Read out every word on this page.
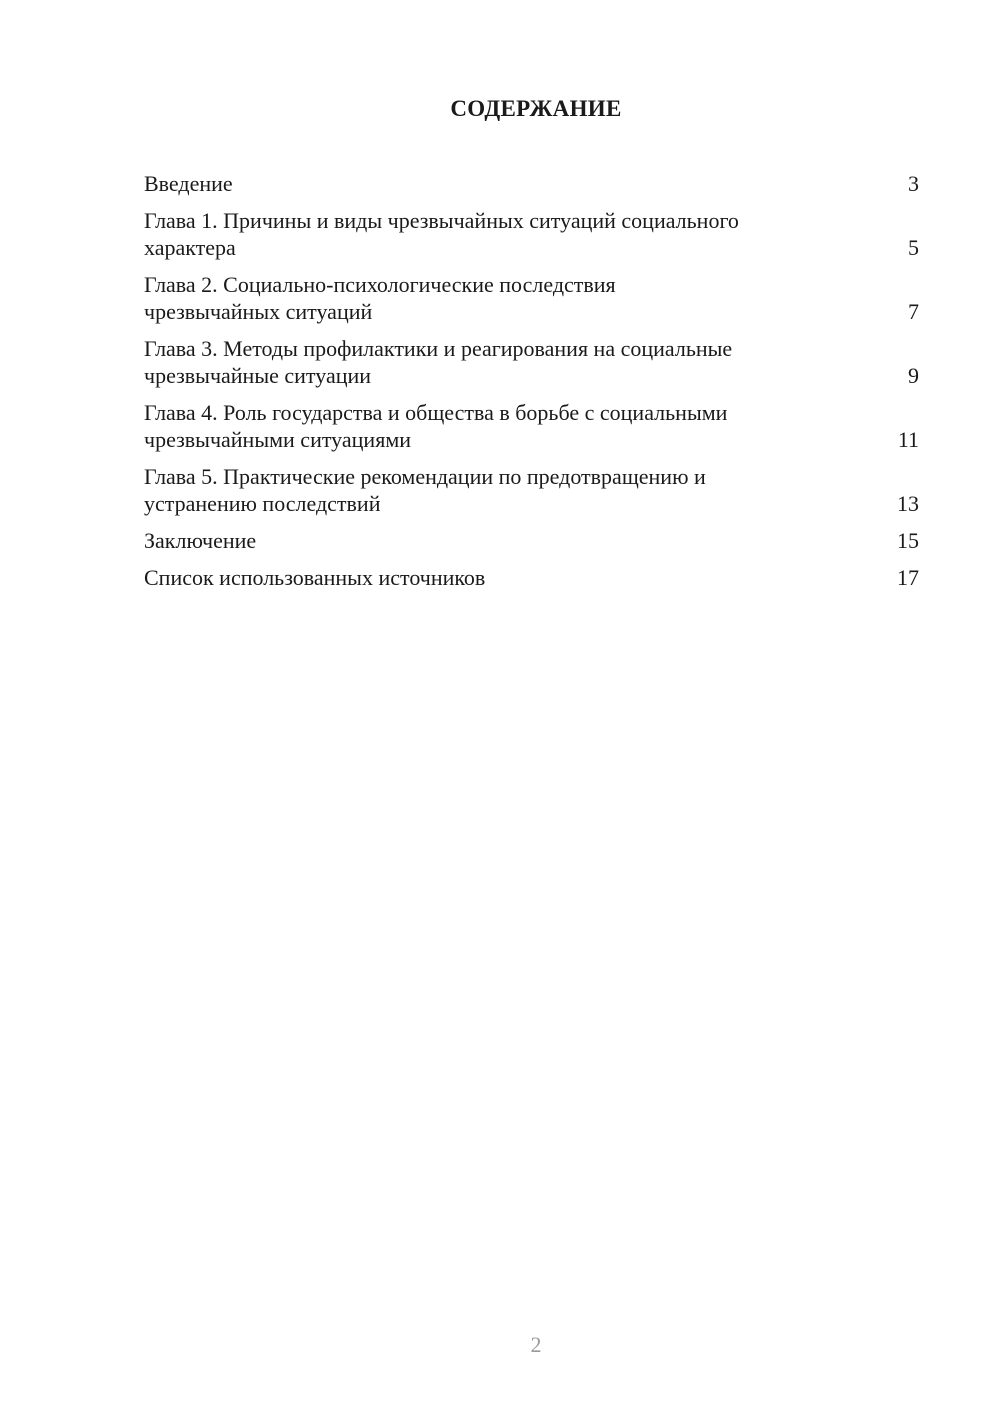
СОДЕРЖАНИЕ
Введение	3
Глава 1. Причины и виды чрезвычайных ситуаций социального
характера	5
Глава 2. Социально-психологические последствия
чрезвычайных ситуаций	7
Глава 3. Методы профилактики и реагирования на социальные
чрезвычайные ситуации	9
Глава 4. Роль государства и общества в борьбе с социальными
чрезвычайными ситуациями	11
Глава 5. Практические рекомендации по предотвращению и
устранению последствий	13
Заключение	15
Список использованных источников	17
2
